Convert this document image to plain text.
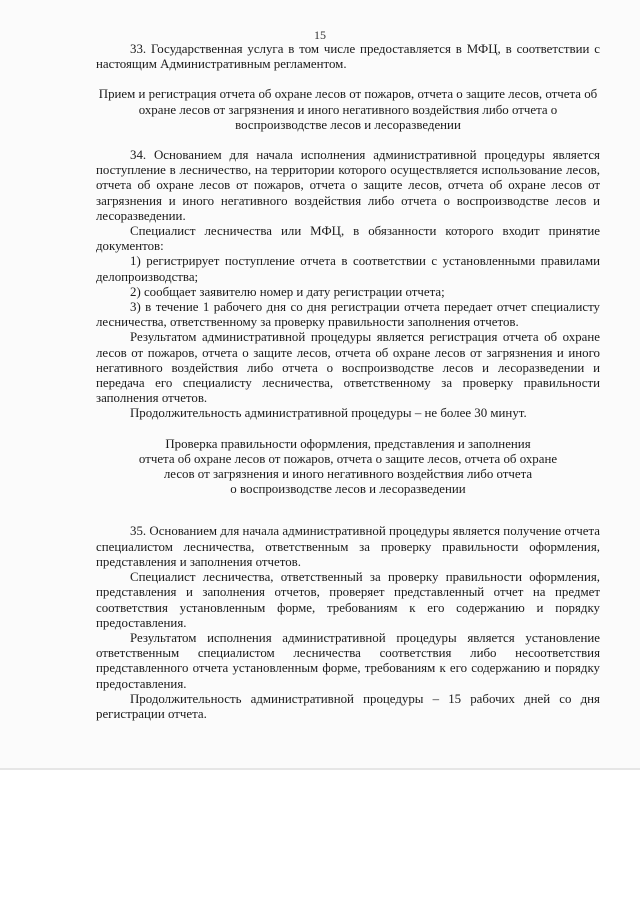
15

33. Государственная услуга в том числе предоставляется в МФЦ, в соответствии с настоящим Административным регламентом.

Прием и регистрация отчета об охране лесов от пожаров, отчета о защите лесов, отчета об охране лесов от загрязнения и иного негативного воздействия либо отчета о воспроизводстве лесов и лесоразведении

34. Основанием для начала исполнения административной процедуры является поступление в лесничество, на территории которого осуществляется использование лесов, отчета об охране лесов от пожаров, отчета о защите лесов, отчета об охране лесов от загрязнения и иного негативного воздействия либо отчета о воспроизводстве лесов и лесоразведении.

Специалист лесничества или МФЦ, в обязанности которого входит принятие документов:

1) регистрирует поступление отчета в соответствии с установленными правилами делопроизводства;

2) сообщает заявителю номер и дату регистрации отчета;

3) в течение 1 рабочего дня со дня регистрации отчета передает отчет специалисту лесничества, ответственному за проверку правильности заполнения отчетов.

Результатом административной процедуры является регистрация отчета об охране лесов от пожаров, отчета о защите лесов, отчета об охране лесов от загрязнения и иного негативного воздействия либо отчета о воспроизводстве лесов и лесоразведении и передача его специалисту лесничества, ответственному за проверку правильности заполнения отчетов.

Продолжительность административной процедуры – не более 30 минут.

Проверка правильности оформления, представления и заполнения
отчета об охране лесов от пожаров, отчета о защите лесов, отчета об охране
лесов от загрязнения и иного негативного воздействия либо отчета
о воспроизводстве лесов и лесоразведении

35. Основанием для начала административной процедуры является получение отчета специалистом лесничества, ответственным за проверку правильности оформления, представления и заполнения отчетов.

Специалист лесничества, ответственный за проверку правильности оформления, представления и заполнения отчетов, проверяет представленный отчет на предмет соответствия установленным форме, требованиям к его содержанию и порядку предоставления.

Результатом исполнения административной процедуры является установление ответственным специалистом лесничества соответствия либо несоответствия представленного отчета установленным форме, требованиям к его содержанию и порядку предоставления.

Продолжительность административной процедуры – 15 рабочих дней со дня регистрации отчета.
